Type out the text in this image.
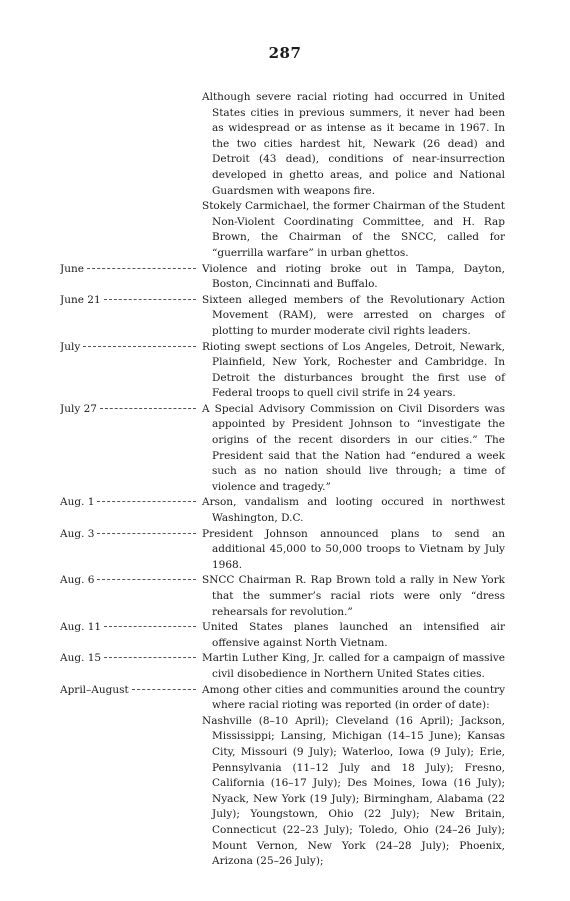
287

Although severe racial rioting had occurred in United States cities in previous summers, it never had been as widespread or as intense as it became in 1967. In the two cities hardest hit, Newark (26 dead) and Detroit (43 dead), conditions of near-insurrection developed in ghetto areas, and police and National Guardsmen with weapons fire.

Stokely Carmichael, the former Chairman of the Student Non-Violent Coordinating Committee, and H. Rap Brown, the Chairman of the SNCC, called for “guerrilla warfare” in urban ghettos.

June	Violence and rioting broke out in Tampa, Dayton, Boston, Cincinnati and Buffalo.

June 21	Sixteen alleged members of the Revolutionary Action Movement (RAM), were arrested on charges of plotting to murder moderate civil rights leaders.

July	Rioting swept sections of Los Angeles, Detroit, Newark, Plainfield, New York, Rochester and Cambridge. In Detroit the disturbances brought the first use of Federal troops to quell civil strife in 24 years.

July 27	A Special Advisory Commission on Civil Disorders was appointed by President Johnson to “investigate the origins of the recent disorders in our cities.” The President said that the Nation had “endured a week such as no nation should live through; a time of violence and tragedy.”

Aug. 1	Arson, vandalism and looting occured in northwest Washington, D.C.

Aug. 3	President Johnson announced plans to send an additional 45,000 to 50,000 troops to Vietnam by July 1968.

Aug. 6	SNCC Chairman R. Rap Brown told a rally in New York that the summer’s racial riots were only “dress rehearsals for revolution.”

Aug. 11	United States planes launched an intensified air offensive against North Vietnam.

Aug. 15	Martin Luther King, Jr. called for a campaign of massive civil disobedience in Northern United States cities.

April–August	Among other cities and communities around the country where racial rioting was reported (in order of date):

Nashville (8–10 April); Cleveland (16 April); Jackson, Mississippi; Lansing, Michigan (14–15 June); Kansas City, Missouri (9 July); Waterloo, Iowa (9 July); Erie, Pennsylvania (11–12 July and 18 July); Fresno, California (16–17 July); Des Moines, Iowa (16 July); Nyack, New York (19 July); Birmingham, Alabama (22 July); Youngstown, Ohio (22 July); New Britain, Connecticut (22–23 July); Toledo, Ohio (24–26 July); Mount Vernon, New York (24–28 July); Phoenix, Arizona (25–26 July);
